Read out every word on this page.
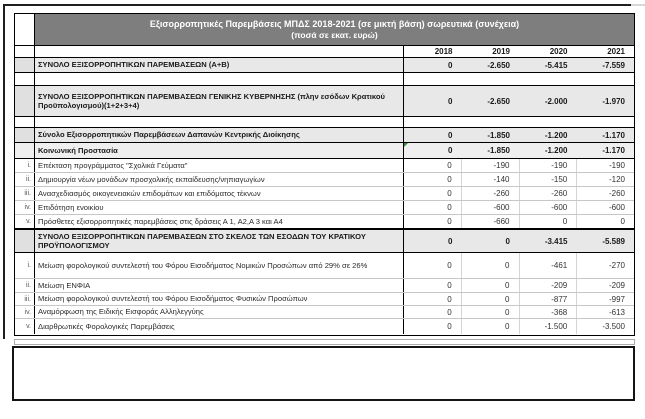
Εξισορροπητικές Παρεμβάσεις ΜΠΔΣ 2018-2021 (σε μικτή βάση) σωρευτικά (συνέχεια)
(ποσά σε εκατ. ευρώ)
2018	2019	2020	2021
ΣΥΝΟΛΟ ΕΞΙΣΟΡΡΟΠΗΤΙΚΩΝ ΠΑΡΕΜΒΑΣΕΩΝ (Α+Β)	0	-2.650	-5.415	-7.559
ΣΥΝΟΛΟ ΕΞΙΣΟΡΡΟΠΗΤΙΚΩΝ ΠΑΡΕΜΒΑΣΕΩΝ ΓΕΝΙΚΗΣ ΚΥΒΕΡΝΗΣΗΣ (πλην εσόδων Κρατικού Προϋπολογισμού)(1+2+3+4)	0	-2.650	-2.000	-1.970
Σύνολο Εξισορροπητικών Παρεμβάσεων Δαπανών Κεντρικής Διοίκησης	0	-1.850	-1.200	-1.170
Κοινωνική Προστασία	0	-1.850	-1.200	-1.170
i. Επέκταση προγράμματος "Σχολικά Γεύματα"	0	-190	-190	-190
ii. Δημιουργία νέων μονάδων προσχολικής εκπαίδευσης/νηπιαγωγίων	0	-140	-150	-120
iii. Ανασχεδιασμός οικογενειακών επιδομάτων και επιδόματος τέκνων	0	-260	-260	-260
iv. Επιδότηση ενοικίου	0	-600	-600	-600
v. Πρόσθετες εξισορροπητικές παρεμβάσεις στις δράσεις Α 1, Α2,Α 3 και Α4	0	-660	0	0
ΣΥΝΟΛΟ ΕΞΙΣΟΡΡΟΠΗΤΙΚΩΝ ΠΑΡΕΜΒΑΣΕΩΝ ΣΤΟ ΣΚΕΛΟΣ ΤΩΝ ΕΣΟΔΩΝ ΤΟΥ ΚΡΑΤΙΚΟΥ ΠΡΟΫΠΟΛΟΓΙΣΜΟΥ	0	0	-3.415	-5.589
i. Μείωση φορολογικού συντελεστή του Φόρου Εισοδήματος Νομικών Προσώπων από 29% σε 26%	0	0	-461	-270
ii. Μείωση ΕΝΦΙΑ	0	0	-209	-209
iii. Μείωση φορολογικού συντελεστή του Φόρου Εισοδήματος Φυσικών Προσώπων	0	0	-877	-997
iv. Αναμόρφωση της Ειδικής Εισφοράς Αλληλεγγύης	0	0	-368	-613
v. Διαρθρωτικές Φορολογικές Παρεμβάσεις	0	0	-1.500	-3.500
